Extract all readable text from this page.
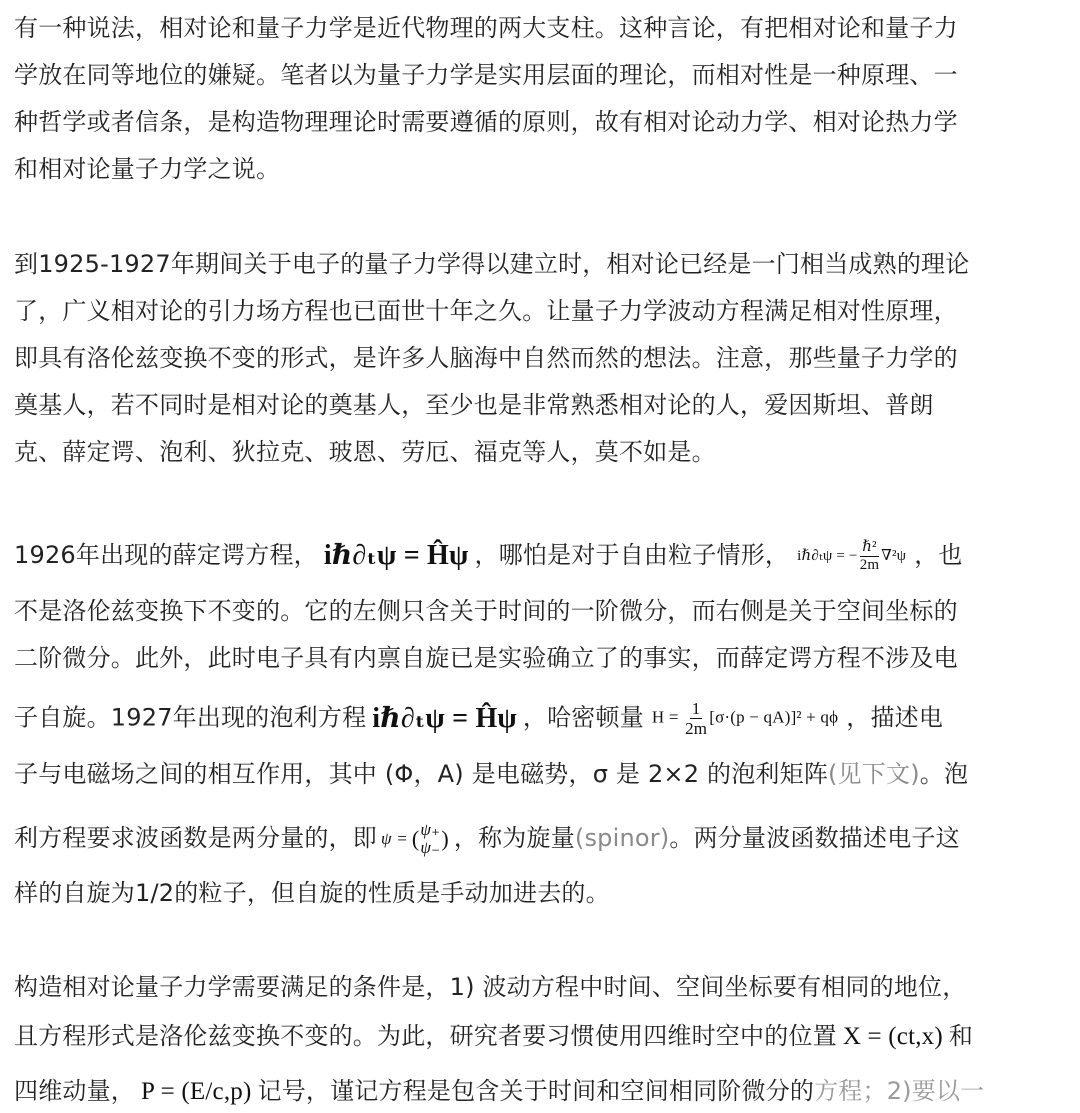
有一种说法，相对论和量子力学是近代物理的两大支柱。这种言论，有把相对论和量子力
学放在同等地位的嫌疑。笔者以为量子力学是实用层面的理论，而相对性是一种原理、一
种哲学或者信条，是构造物理理论时需要遵循的原则，故有相对论动力学、相对论热力学
和相对论量子力学之说。
到1925-1927年期间关于电子的量子力学得以建立时，相对论已经是一门相当成熟的理论
了，广义相对论的引力场方程也已面世十年之久。让量子力学波动方程满足相对性原理，
即具有洛伦兹变换不变的形式，是许多人脑海中自然而然的想法。注意，那些量子力学的
奠基人，若不同时是相对论的奠基人，至少也是非常熟悉相对论的人，爱因斯坦、普朗
克、薛定谔、泡利、狄拉克、玻恩、劳厄、福克等人，莫不如是。
1926年出现的薛定谔方程， iℏ∂ₜψ = Ĥψ ，哪怕是对于自由粒子情形， iℏ∂ₜψ = − $\frac{\text{ℏ²}}{2m} \nabla^2\psi$ ，也
不是洛伦兹变换下不变的。它的左侧只含关于时间的一阶微分，而右侧是关于空间坐标的
二阶微分。此外，此时电子具有内禀自旋已是实验确立了的事实，而薛定谔方程不涉及电
子自旋。1927年出现的泡利方程 iℏ∂ₜψ = Ĥψ ，哈密顿量 $H = \frac{1}{2m} [\sigma\cdot(p - qA)]^2 + q\phi$ ，描述电
子与电磁场之间的相互作用，其中 (Φ，A) 是电磁势，σ 是 2×2 的泡利矩阵(见下文)。泡
利方程要求波函数是两分量的，即 ψ = ( ψ₊
ψ₋ ) ，称为旋量(spinor)。两分量波函数描述电子这
样的自旋为1/2的粒子，但自旋的性质是手动加进去的。
构造相对论量子力学需要满足的条件是，1) 波动方程中时间、空间坐标要有相同的地位，
且方程形式是洛伦兹变换不变的。为此，研究者要习惯使用四维时空中的位置 X = (ct,x) 和
四维动量， P = (E/c,p) 记号，谨记方程是包含关于时间和空间相同阶微分的方程；2)要以一
